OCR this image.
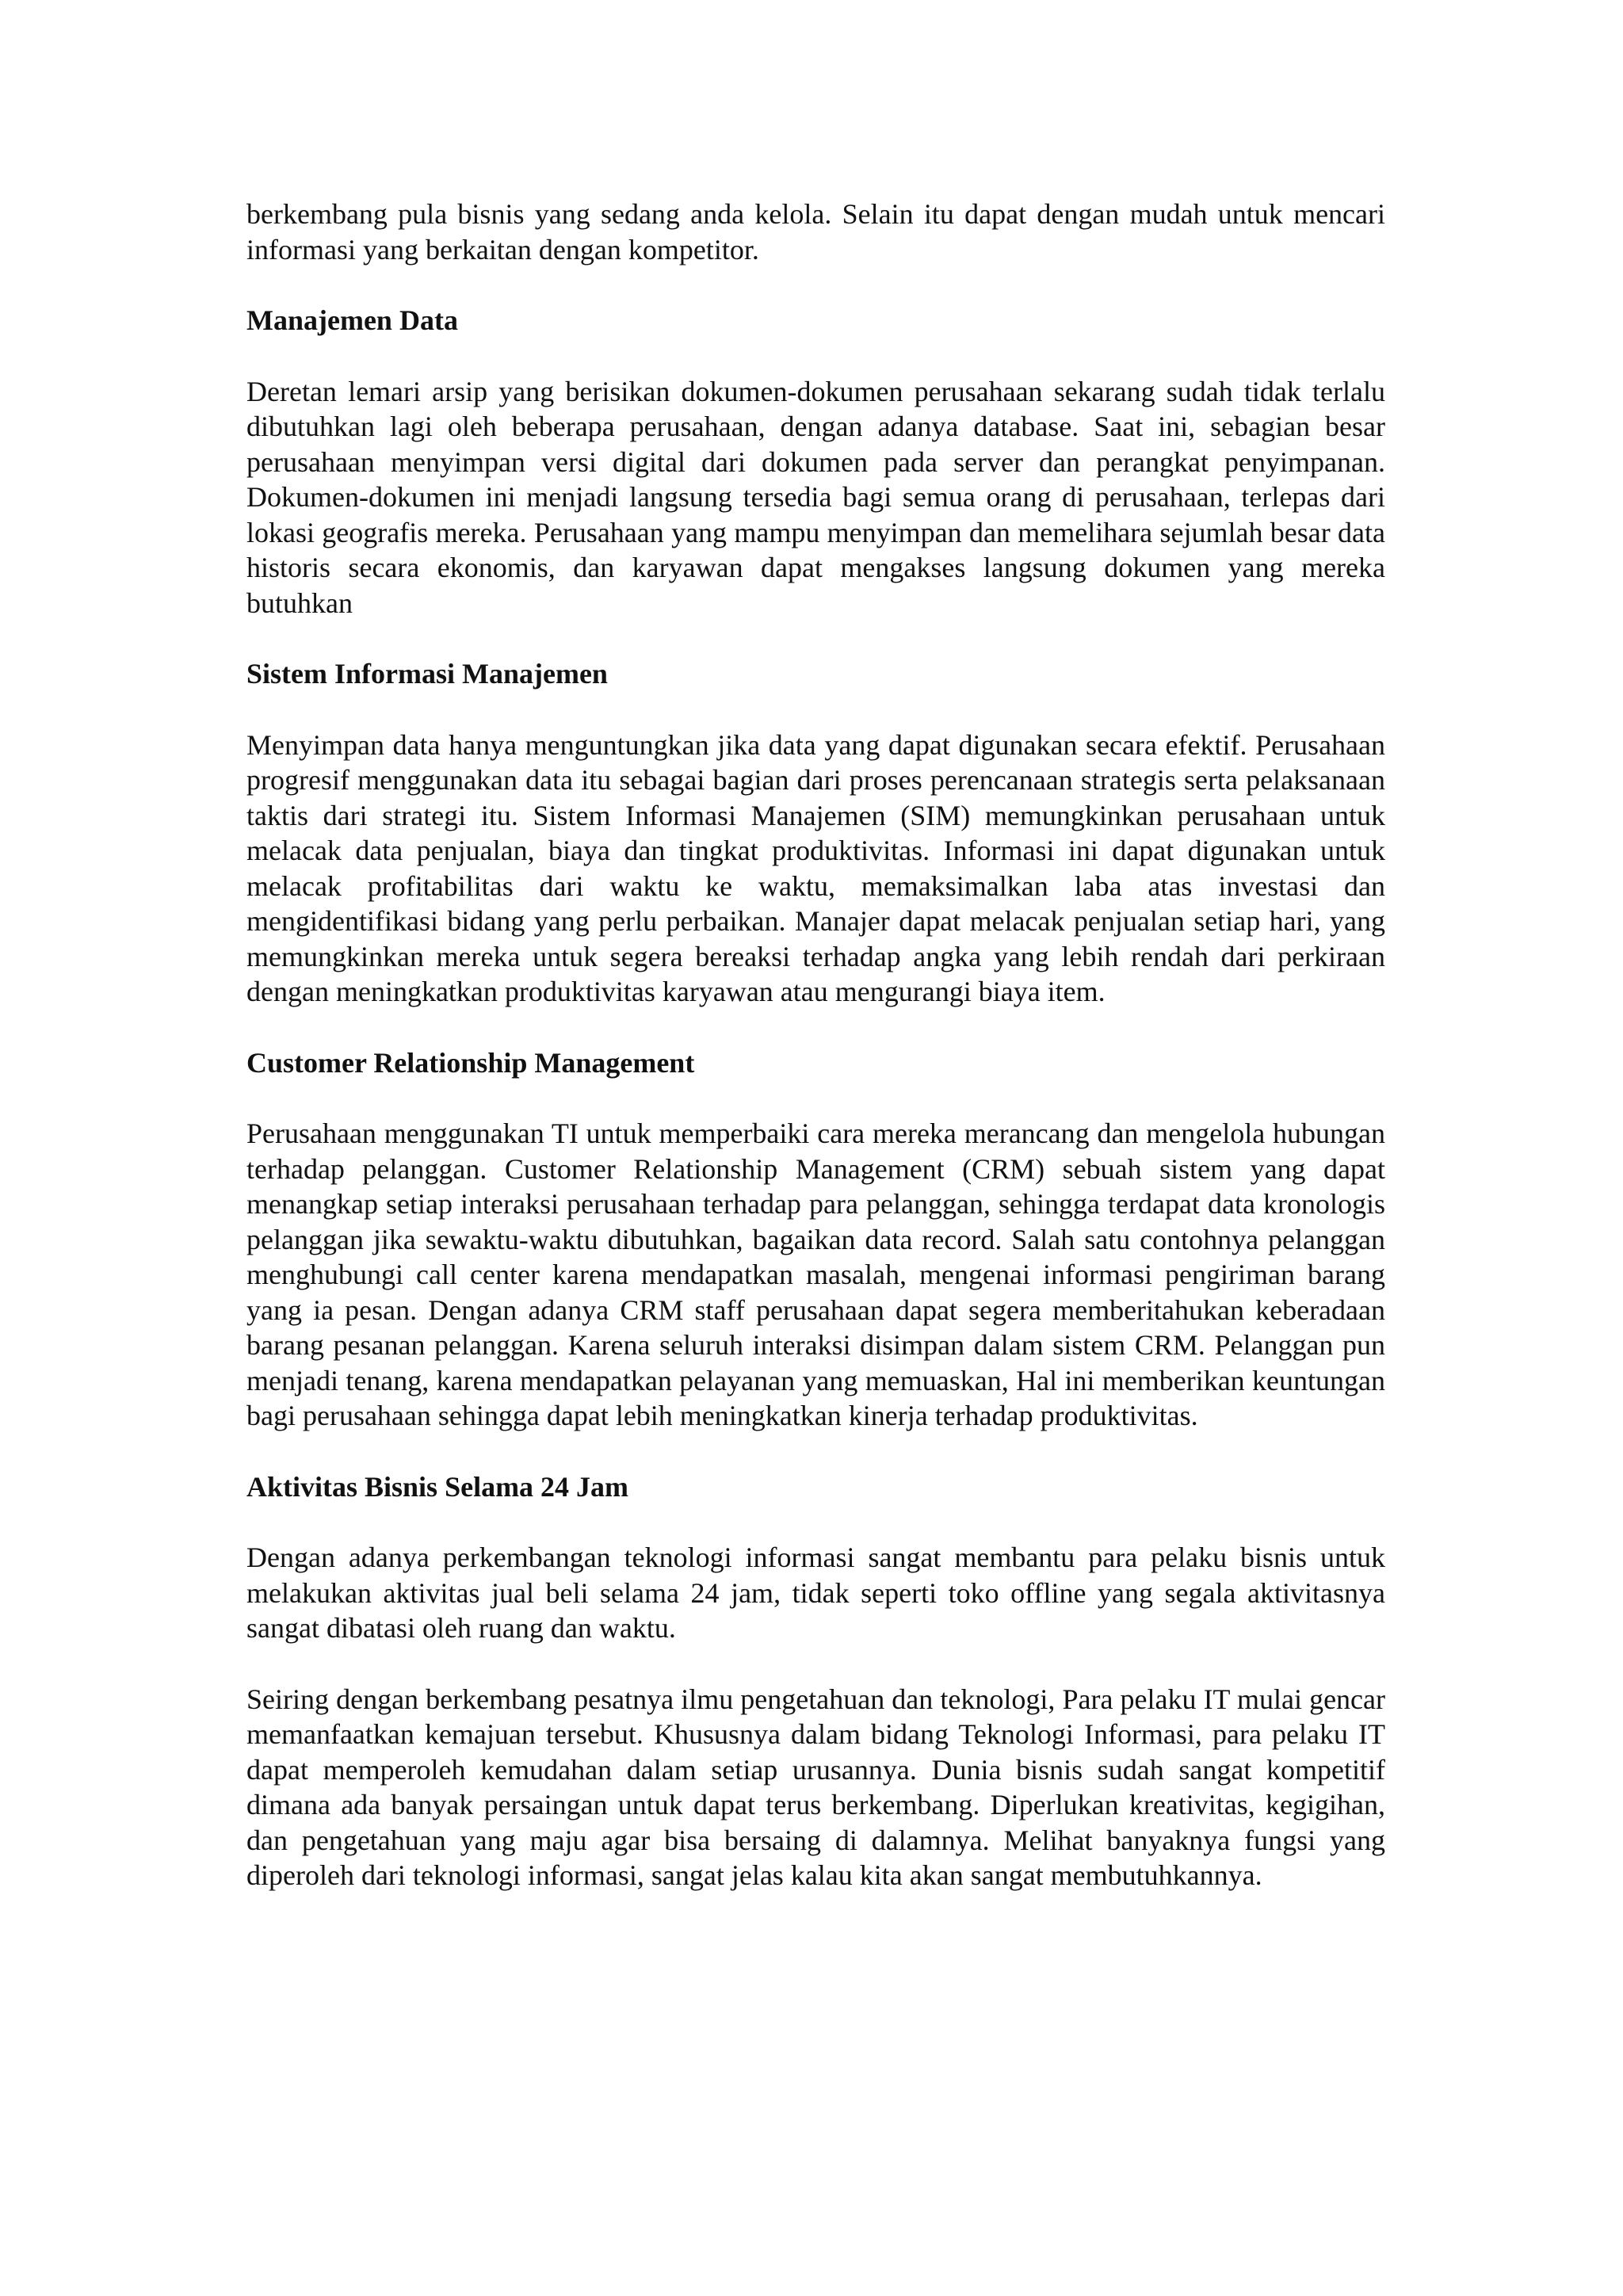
berkembang pula bisnis yang sedang anda kelola. Selain itu dapat dengan mudah untuk mencari informasi yang berkaitan dengan kompetitor.

Manajemen Data

Deretan lemari arsip yang berisikan dokumen-dokumen perusahaan sekarang sudah tidak terlalu dibutuhkan lagi oleh beberapa perusahaan, dengan adanya database. Saat ini, sebagian besar perusahaan menyimpan versi digital dari dokumen pada server dan perangkat penyimpanan. Dokumen-dokumen ini menjadi langsung tersedia bagi semua orang di perusahaan, terlepas dari lokasi geografis mereka. Perusahaan yang mampu menyimpan dan memelihara sejumlah besar data historis secara ekonomis, dan karyawan dapat mengakses langsung dokumen yang mereka butuhkan

Sistem Informasi Manajemen

Menyimpan data hanya menguntungkan jika data yang dapat digunakan secara efektif. Perusahaan progresif menggunakan data itu sebagai bagian dari proses perencanaan strategis serta pelaksanaan taktis dari strategi itu. Sistem Informasi Manajemen (SIM) memungkinkan perusahaan untuk melacak data penjualan, biaya dan tingkat produktivitas. Informasi ini dapat digunakan untuk melacak profitabilitas dari waktu ke waktu, memaksimalkan laba atas investasi dan mengidentifikasi bidang yang perlu perbaikan. Manajer dapat melacak penjualan setiap hari, yang memungkinkan mereka untuk segera bereaksi terhadap angka yang lebih rendah dari perkiraan dengan meningkatkan produktivitas karyawan atau mengurangi biaya item.

Customer Relationship Management

Perusahaan menggunakan TI untuk memperbaiki cara mereka merancang dan mengelola hubungan terhadap pelanggan. Customer Relationship Management (CRM) sebuah sistem yang dapat menangkap setiap interaksi perusahaan terhadap para pelanggan, sehingga terdapat data kronologis pelanggan jika sewaktu-waktu dibutuhkan, bagaikan data record. Salah satu contohnya pelanggan menghubungi call center karena mendapatkan masalah, mengenai informasi pengiriman barang yang ia pesan. Dengan adanya CRM staff perusahaan dapat segera memberitahukan keberadaan barang pesanan pelanggan. Karena seluruh interaksi disimpan dalam sistem CRM. Pelanggan pun menjadi tenang, karena mendapatkan pelayanan yang memuaskan, Hal ini memberikan keuntungan bagi perusahaan sehingga dapat lebih meningkatkan kinerja terhadap produktivitas.

Aktivitas Bisnis Selama 24 Jam

Dengan adanya perkembangan teknologi informasi sangat membantu para pelaku bisnis untuk melakukan aktivitas jual beli selama 24 jam, tidak seperti toko offline yang segala aktivitasnya sangat dibatasi oleh ruang dan waktu.

Seiring dengan berkembang pesatnya ilmu pengetahuan dan teknologi, Para pelaku IT mulai gencar memanfaatkan kemajuan tersebut. Khususnya dalam bidang Teknologi Informasi, para pelaku IT dapat memperoleh kemudahan dalam setiap urusannya. Dunia bisnis sudah sangat kompetitif dimana ada banyak persaingan untuk dapat terus berkembang. Diperlukan kreativitas, kegigihan, dan pengetahuan yang maju agar bisa bersaing di dalamnya. Melihat banyaknya fungsi yang diperoleh dari teknologi informasi, sangat jelas kalau kita akan sangat membutuhkannya.
